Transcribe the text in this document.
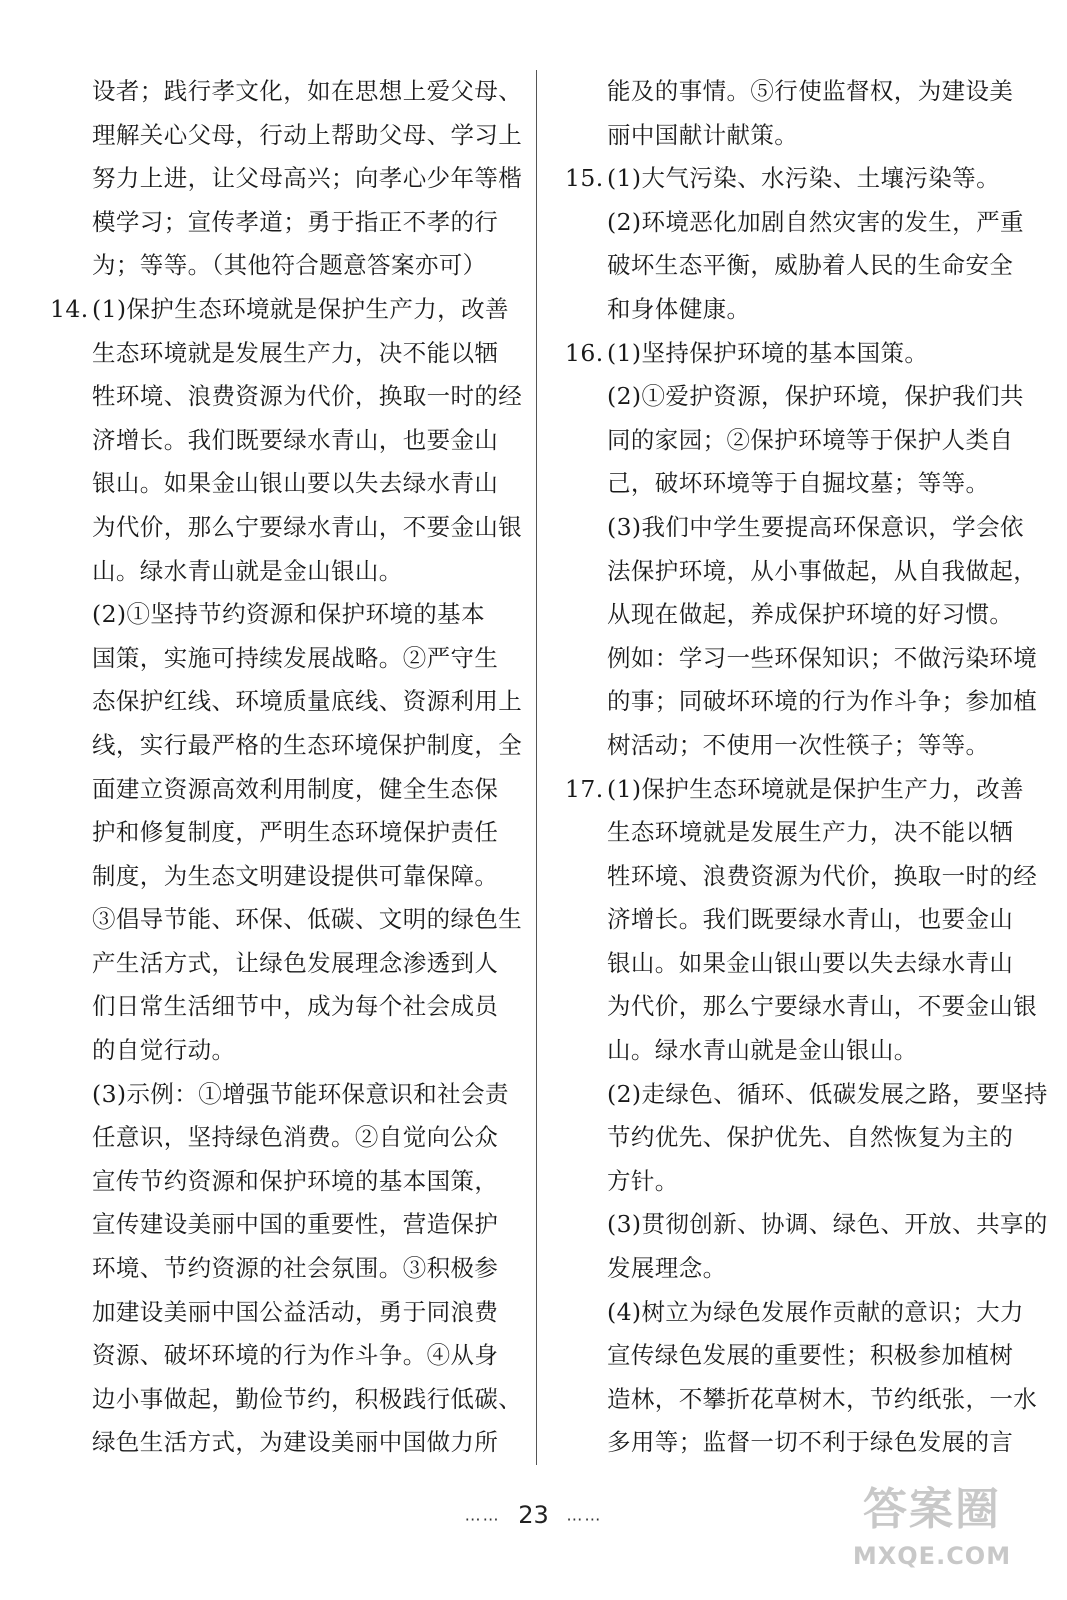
设者；践行孝文化，如在思想上爱父母、
理解关心父母，行动上帮助父母、学习上
努力上进，让父母高兴；向孝心少年等楷
模学习；宣传孝道；勇于指正不孝的行
为；等等。（其他符合题意答案亦可）
14. (1)保护生态环境就是保护生产力，改善
生态环境就是发展生产力，决不能以牺
牲环境、浪费资源为代价，换取一时的经
济增长。我们既要绿水青山，也要金山
银山。如果金山银山要以失去绿水青山
为代价，那么宁要绿水青山，不要金山银
山。绿水青山就是金山银山。
(2)①坚持节约资源和保护环境的基本
国策，实施可持续发展战略。②严守生
态保护红线、环境质量底线、资源利用上
线，实行最严格的生态环境保护制度，全
面建立资源高效利用制度，健全生态保
护和修复制度，严明生态环境保护责任
制度，为生态文明建设提供可靠保障。
③倡导节能、环保、低碳、文明的绿色生
产生活方式，让绿色发展理念渗透到人
们日常生活细节中，成为每个社会成员
的自觉行动。
(3)示例：①增强节能环保意识和社会责
任意识，坚持绿色消费。②自觉向公众
宣传节约资源和保护环境的基本国策，
宣传建设美丽中国的重要性，营造保护
环境、节约资源的社会氛围。③积极参
加建设美丽中国公益活动，勇于同浪费
资源、破坏环境的行为作斗争。④从身
边小事做起，勤俭节约，积极践行低碳、
绿色生活方式，为建设美丽中国做力所
能及的事情。⑤行使监督权，为建设美
丽中国献计献策。
15. (1)大气污染、水污染、土壤污染等。
(2)环境恶化加剧自然灾害的发生，严重
破坏生态平衡，威胁着人民的生命安全
和身体健康。
16. (1)坚持保护环境的基本国策。
(2)①爱护资源，保护环境，保护我们共
同的家园；②保护环境等于保护人类自
己，破坏环境等于自掘坟墓；等等。
(3)我们中学生要提高环保意识，学会依
法保护环境，从小事做起，从自我做起，
从现在做起，养成保护环境的好习惯。
例如：学习一些环保知识；不做污染环境
的事；同破坏环境的行为作斗争；参加植
树活动；不使用一次性筷子；等等。
17. (1)保护生态环境就是保护生产力，改善
生态环境就是发展生产力，决不能以牺
牲环境、浪费资源为代价，换取一时的经
济增长。我们既要绿水青山，也要金山
银山。如果金山银山要以失去绿水青山
为代价，那么宁要绿水青山，不要金山银
山。绿水青山就是金山银山。
(2)走绿色、循环、低碳发展之路，要坚持
节约优先、保护优先、自然恢复为主的
方针。
(3)贯彻创新、协调、绿色、开放、共享的
发展理念。
(4)树立为绿色发展作贡献的意识；大力
宣传绿色发展的重要性；积极参加植树
造林，不攀折花草树木，节约纸张，一水
多用等；监督一切不利于绿色发展的言
…… 23 ……	答案圈
MXQE.COM
